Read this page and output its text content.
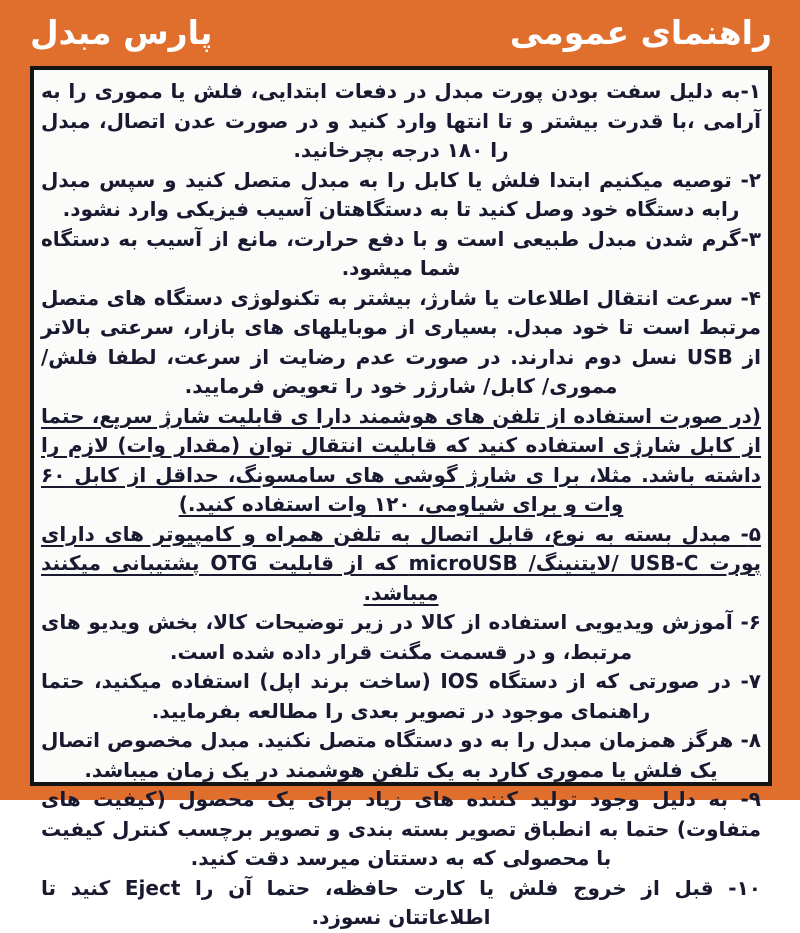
راهنمای عمومی
پارس مبدل

۱-به دلیل سفت بودن پورت مبدل در دفعات ابتدایی، فلش یا مموری را به آرامی ،با قدرت بیشتر و تا انتها وارد کنید و در صورت عدن اتصال، مبدل را ۱۸۰ درجه بچرخانید.

۲- توصیه میکنیم ابتدا فلش یا کابل را به مبدل متصل کنید و سپس مبدل رابه دستگاه خود وصل کنید تا به دستگاهتان آسیب فیزیکی وارد نشود.

۳-گرم شدن مبدل طبیعی است و با دفع حرارت، مانع از آسیب به دستگاه شما میشود.

۴- سرعت انتقال اطلاعات یا شارژ، بیشتر به تکنولوژی دستگاه های متصل مرتبط است تا خود مبدل. بسیاری از موبایلهای های بازار، سرعتی بالاتر از USB نسل دوم ندارند. در صورت عدم رضایت از سرعت، لطفا فلش/ مموری/ کابل/ شارژر خود را تعویض فرمایید.

(در صورت استفاده از تلفن های هوشمند دارا ی قابلیت شارژ سریع، حتما از کابل شارژی استفاده کنید که قابلیت انتقال توان (مقدار وات) لازم را داشته باشد. مثلا، برا ی شارژ گوشی های سامسونگ، حداقل از کابل ۶۰ وات و برای شیاومی، ۱۲۰ وات استفاده کنید.)

۵- مبدل بسته به نوع، قابل اتصال به تلفن همراه و کامپیوتر های دارای پورت USB-C /لایتنینگ/ microUSB که از قابلیت OTG پشتیبانی میکنند میباشد.

۶- آموزش ویدیویی استفاده از کالا در زیر توضیحات کالا، بخش ویدیو های مرتبط، و در قسمت مگنت قرار داده شده است.

۷- در صورتی که از دستگاه IOS (ساخت برند اپل) استفاده میکنید، حتما راهنمای موجود در تصویر بعدی را مطالعه بفرمایید.

۸- هرگز همزمان مبدل را به دو دستگاه متصل نکنید. مبدل مخصوص اتصال یک فلش یا مموری کارد به یک تلفن هوشمند در یک زمان میباشد.

۹- به دلیل وجود تولید کننده های زیاد برای یک محصول (کیفیت های متفاوت) حتما به انطباق تصویر بسته بندی و تصویر برچسب کنترل کیفیت با محصولی که به دستتان میرسد دقت کنید.

۱۰- قبل از خروج فلش یا کارت حافظه، حتما آن را Eject کنید تا اطلاعاتتان نسوزد.
